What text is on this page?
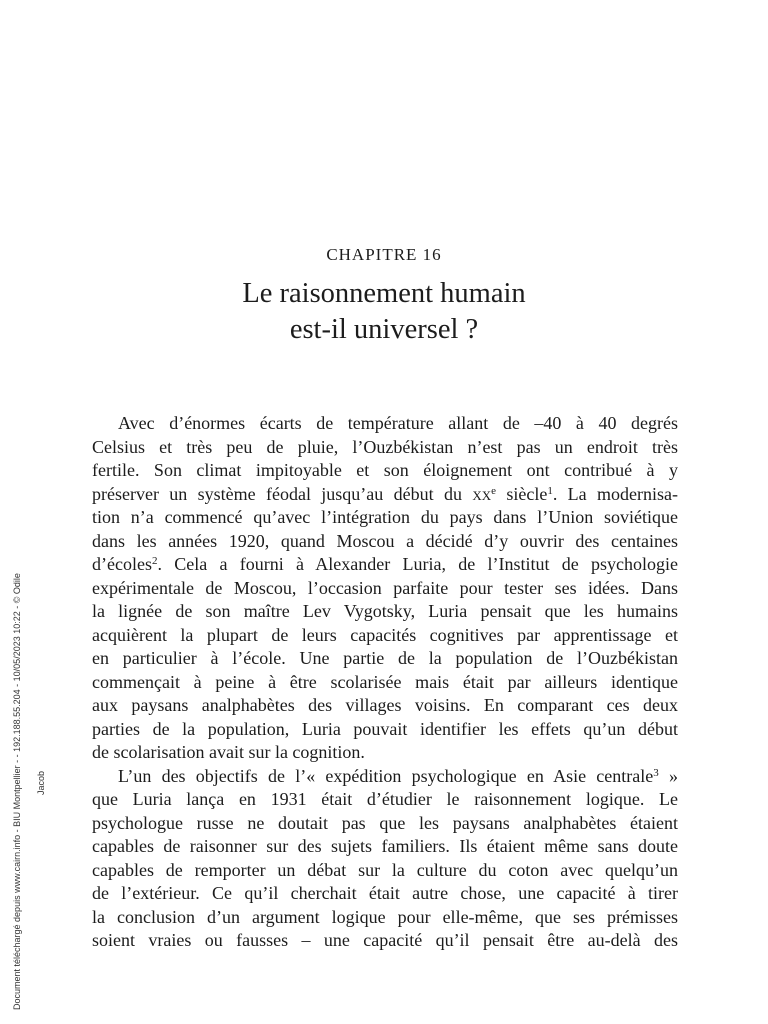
CHAPITRE 16
Le raisonnement humain
est-il universel ?
Avec d’énormes écarts de température allant de –40 à 40 degrés
Celsius et très peu de pluie, l’Ouzbékistan n’est pas un endroit très
fertile. Son climat impitoyable et son éloignement ont contribué à y
préserver un système féodal jusqu’au début du $xx^e$ siècle$^1$. La modernisa-
tion n’a commencé qu’avec l’intégration du pays dans l’Union soviétique
dans les années 1920, quand Moscou a décidé d’y ouvrir des centaines
d’écoles$^2$. Cela a fourni à Alexander Luria, de l’Institut de psychologie
expérimentale de Moscou, l’occasion parfaite pour tester ses idées. Dans
la lignée de son maître Lev Vygotsky, Luria pensait que les humains
acquièrent la plupart de leurs capacités cognitives par apprentissage et
en particulier à l’école. Une partie de la population de l’Ouzbékistan
commençait à peine à être scolarisée mais était par ailleurs identique
aux paysans analphabètes des villages voisins. En comparant ces deux
parties de la population, Luria pouvait identifier les effets qu’un début
de scolarisation avait sur la cognition.
L’un des objectifs de l’« expédition psychologique en Asie centrale$^3$ »
que Luria lança en 1931 était d’étudier le raisonnement logique. Le
psychologue russe ne doutait pas que les paysans analphabètes étaient
capables de raisonner sur des sujets familiers. Ils étaient même sans doute
capables de remporter un débat sur la culture du coton avec quelqu’un
de l’extérieur. Ce qu’il cherchait était autre chose, une capacité à tirer
la conclusion d’un argument logique pour elle-même, que ses prémisses
soient vraies ou fausses – une capacité qu’il pensait être au-delà des
Document téléchargé depuis www.cairn.info - BIU Montpellier - - 192.188.55.204 - 10/05/2023 10:22 - © Odile Jacob
